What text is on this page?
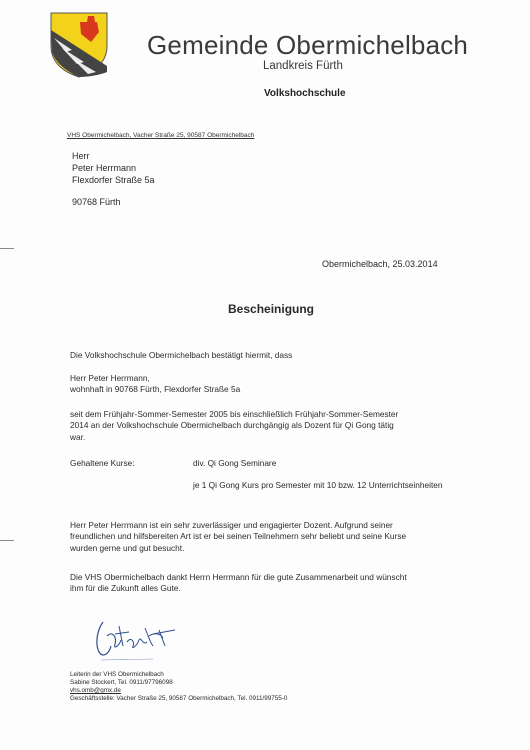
Gemeinde Obermichelbach
Landkreis Fürth
Volkshochschule
VHS Obermichelbach, Vacher Straße 25, 90587 Obermichelbach
Herr
Peter Herrmann
Flexdorfer Straße 5a
90768 Fürth
Obermichelbach, 25.03.2014
Bescheinigung
Die Volkshochschule Obermichelbach bestätigt hiermit, dass
Herr Peter Herrmann,
wohnhaft in 90768 Fürth, Flexdorfer Straße 5a
seit dem Frühjahr-Sommer-Semester 2005 bis einschließlich Frühjahr-Sommer-Semester
2014 an der Volkshochschule Obermichelbach durchgängig als Dozent für Qi Gong tätig
war.
Gehaltene Kurse:	div. Qi Gong Seminare
je 1 Qi Gong Kurs pro Semester mit 10 bzw. 12 Unterrichtseinheiten
Herr Peter Herrmann ist ein sehr zuverlässiger und engagierter Dozent. Aufgrund seiner
freundlichen und hilfsbereiten Art ist er bei seinen Teilnehmern sehr beliebt und seine Kurse
wurden gerne und gut besucht.
Die VHS Obermichelbach dankt Herrn Herrmann für die gute Zusammenarbeit und wünscht
ihm für die Zukunft alles Gute.
Leiterin der VHS Obermichelbach
Sabine Stockert, Tel. 0911/97796098
vhs.omb@gmx.de
Geschäftsstelle: Vacher Straße 25, 90587 Obermichelbach, Tel. 0911/99755-0
